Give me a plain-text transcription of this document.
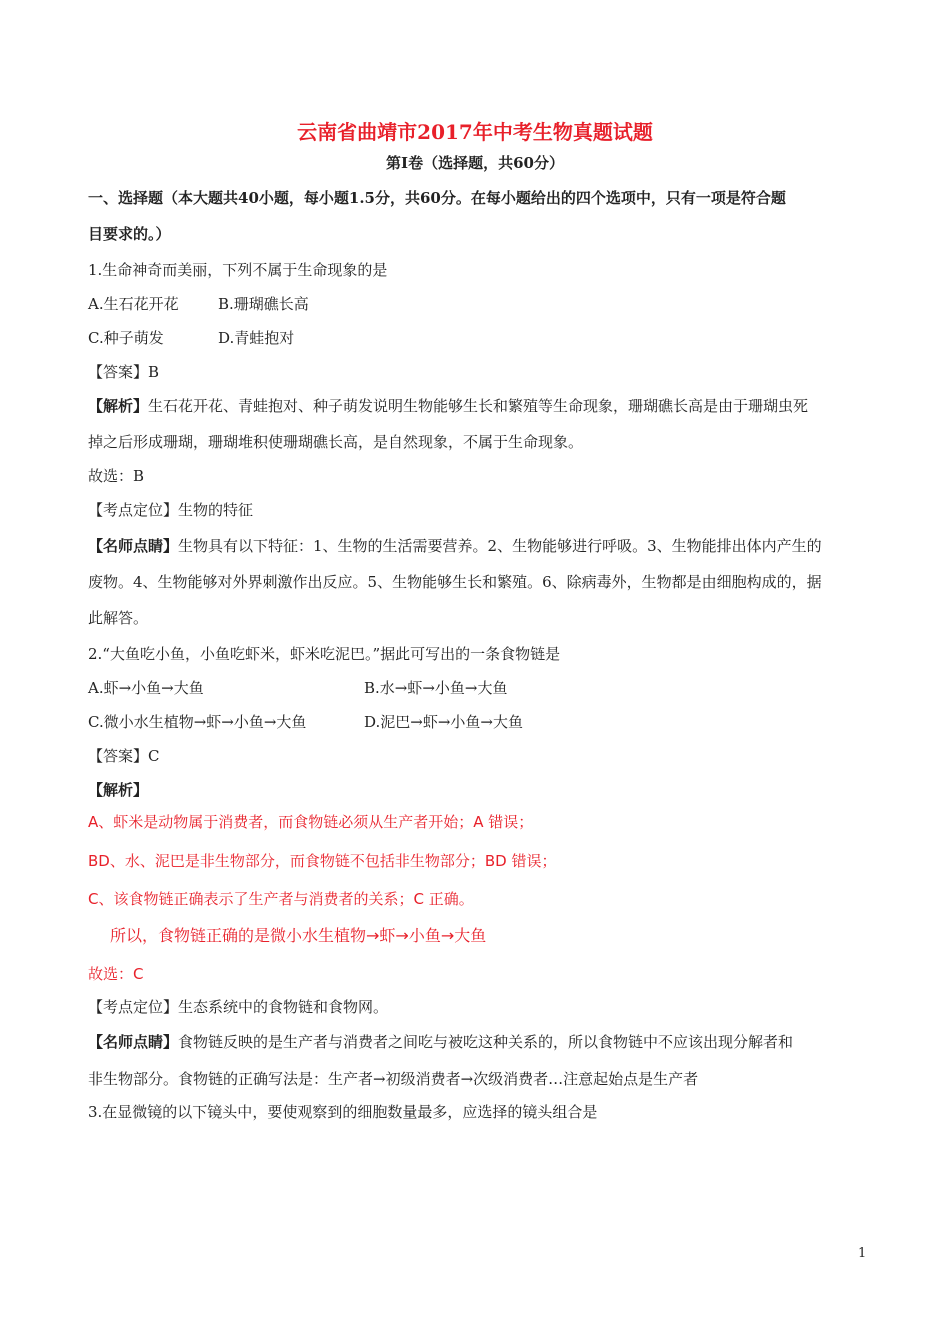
云南省曲靖市2017年中考生物真题试题
第Ⅰ卷（选择题，共60分）
一、选择题（本大题共40小题，每小题1.5分，共60分。在每小题给出的四个选项中，只有一项是符合题
目要求的。）
1.生命神奇而美丽，下列不属于生命现象的是
A.生石花开花	B.珊瑚礁长高
C.种子萌发	D.青蛙抱对
【答案】B
【解析】生石花开花、青蛙抱对、种子萌发说明生物能够生长和繁殖等生命现象，珊瑚礁长高是由于珊瑚虫死
掉之后形成珊瑚，珊瑚堆积使珊瑚礁长高，是自然现象，不属于生命现象。
故选：B
【考点定位】生物的特征
【名师点睛】生物具有以下特征：1、生物的生活需要营养。2、生物能够进行呼吸。3、生物能排出体内产生的
废物。4、生物能够对外界刺激作出反应。5、生物能够生长和繁殖。6、除病毒外，生物都是由细胞构成的，据
此解答。
2.“大鱼吃小鱼，小鱼吃虾米，虾米吃泥巴。”据此可写出的一条食物链是
A.虾→小鱼→大鱼	B.水→虾→小鱼→大鱼
C.微小水生植物→虾→小鱼→大鱼	D.泥巴→虾→小鱼→大鱼
【答案】C
【解析】
A、虾米是动物属于消费者，而食物链必须从生产者开始；A 错误；
BD、水、泥巴是非生物部分，而食物链不包括非生物部分；BD 错误；
C、该食物链正确表示了生产者与消费者的关系；C 正确。
所以，食物链正确的是微小水生植物→虾→小鱼→大鱼
故选：C
【考点定位】生态系统中的食物链和食物网。
【名师点睛】食物链反映的是生产者与消费者之间吃与被吃这种关系的，所以食物链中不应该出现分解者和
非生物部分。食物链的正确写法是：生产者→初级消费者→次级消费者…注意起始点是生产者
3.在显微镜的以下镜头中，要使观察到的细胞数量最多，应选择的镜头组合是
1
